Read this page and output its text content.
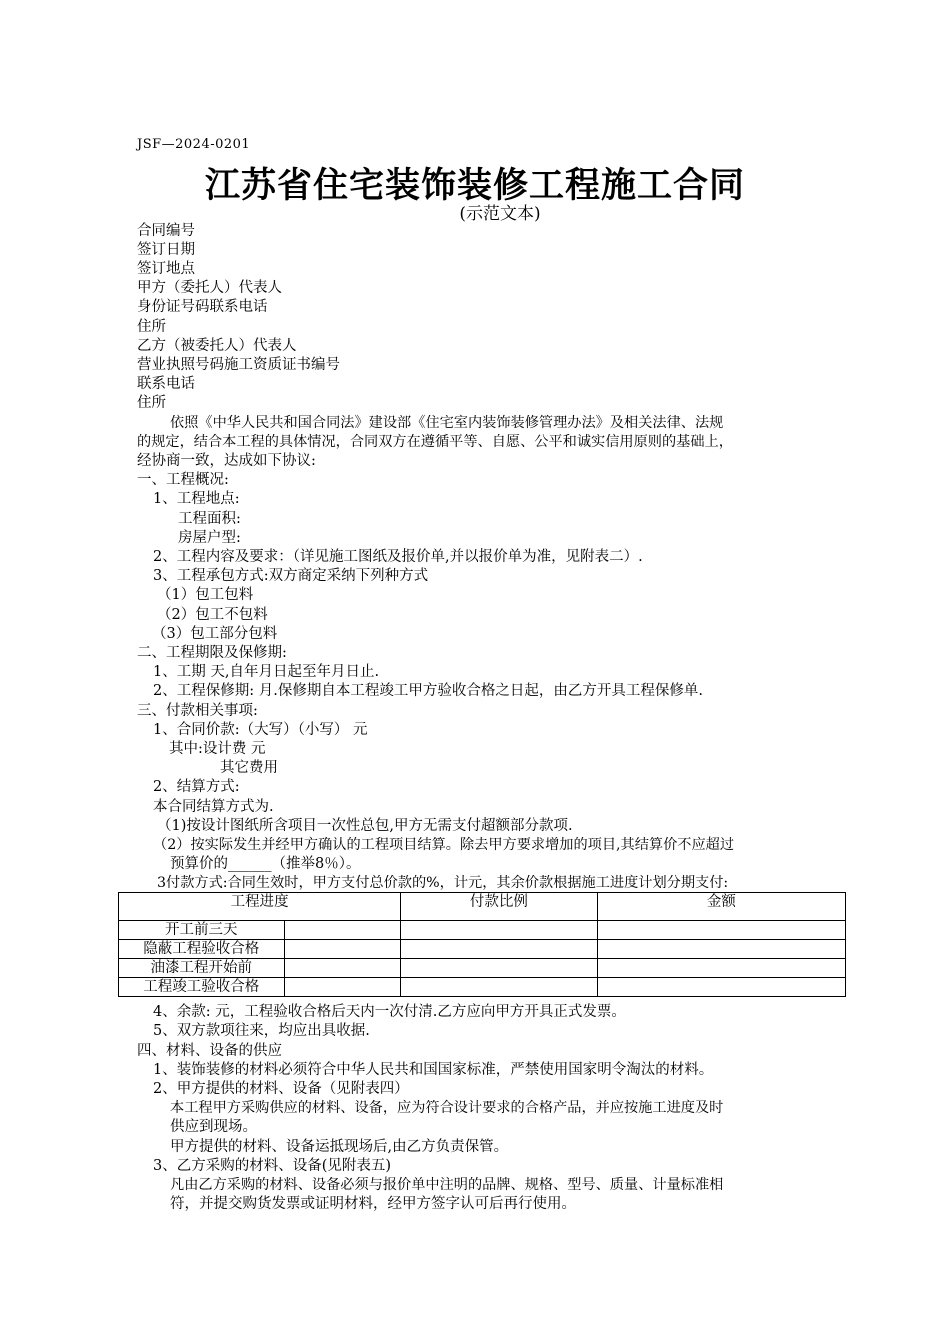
JSF—2024-0201
江苏省住宅装饰装修工程施工合同
(示范文本)
合同编号
签订日期
签订地点
甲方（委托人）代表人
身份证号码联系电话
住所
乙方（被委托人）代表人
营业执照号码施工资质证书编号
联系电话
住所
依照《中华人民共和国合同法》建设部《住宅室内装饰装修管理办法》及相关法律、法规
的规定，结合本工程的具体情况，合同双方在遵循平等、自愿、公平和诚实信用原则的基础上，
经协商一致，达成如下协议:
一、工程概况:
1、工程地点:
工程面积:
房屋户型:
2、工程内容及要求：（详见施工图纸及报价单,并以报价单为准，见附表二）.
3、工程承包方式:双方商定采纳下列种方式
（1）包工包料
（2）包工不包料
（3）包工部分包料
二、工程期限及保修期:
1、工期 天,自年月日起至年月日止.
2、工程保修期: 月.保修期自本工程竣工甲方验收合格之日起，由乙方开具工程保修单.
三、付款相关事项:
1、合同价款:（大写）（小写） 元
其中:设计费 元
其它费用
2、结算方式:
本合同结算方式为.
（1)按设计图纸所含项目一次性总包,甲方无需支付超额部分款项.
（2）按实际发生并经甲方确认的工程项目结算。除去甲方要求增加的项目,其结算价不应超过
预算价的______（推举8％）。
3付款方式:合同生效时，甲方支付总价款的%，计元，其余价款根据施工进度计划分期支付:
工程进度		付款比例	金额
开工前三天			
隐蔽工程验收合格			
油漆工程开始前			
工程竣工验收合格			
4、余款: 元，工程验收合格后天内一次付清.乙方应向甲方开具正式发票。
5、双方款项往来，均应出具收据.
四、材料、设备的供应
1、装饰装修的材料必须符合中华人民共和国国家标准，严禁使用国家明令淘汰的材料。
2、甲方提供的材料、设备（见附表四）
本工程甲方采购供应的材料、设备，应为符合设计要求的合格产品，并应按施工进度及时
供应到现场。
甲方提供的材料、设备运抵现场后,由乙方负责保管。
3、乙方采购的材料、设备(见附表五)
凡由乙方采购的材料、设备必须与报价单中注明的品牌、规格、型号、质量、计量标准相
符，并提交购货发票或证明材料，经甲方签字认可后再行使用。
